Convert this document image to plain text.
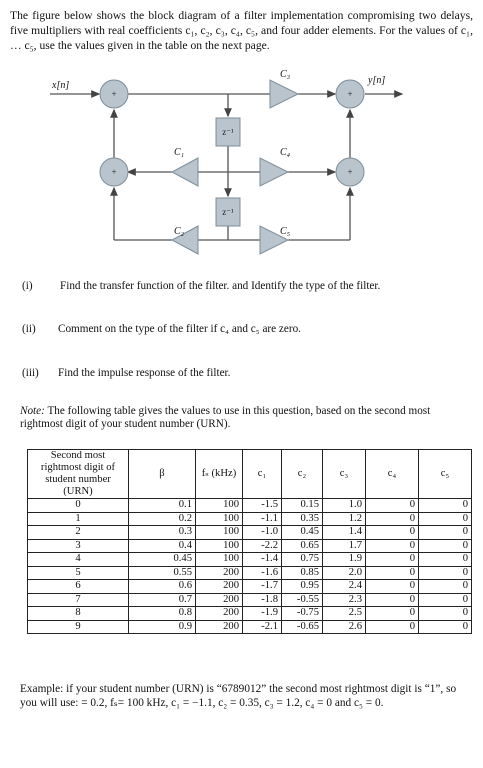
The figure below shows the block diagram of a filter implementation compromising two delays, five multipliers with real coefficients c₁, c₂, c₃, c₄, c₅, and four adder elements. For the values of c₁, … c₅, use the values given in the table on the next page.
+
+
+
+
z⁻¹
z⁻¹
x[n]	y[n]
C₃
C₁	C₄
C₂	C₅
(i) Find the transfer function of the filter. and Identify the type of the filter.
(ii) Comment on the type of the filter if c₄ and c₅ are zero.
(iii) Find the impulse response of the filter.
Note: The following table gives the values to use in this question, based on the second most rightmost digit of your student number (URN).
Second most rightmost digit of student number (URN)	β	fₛ (kHz)	c₁	c₂	c₃	c₄	c₅
0	0.1	100	-1.5	0.15	1.0	0	0
1	0.2	100	-1.1	0.35	1.2	0	0
2	0.3	100	-1.0	0.45	1.4	0	0
3	0.4	100	-2.2	0.65	1.7	0	0
4	0.45	100	-1.4	0.75	1.9	0	0
5	0.55	200	-1.6	0.85	2.0	0	0
6	0.6	200	-1.7	0.95	2.4	0	0
7	0.7	200	-1.8	-0.55	2.3	0	0
8	0.8	200	-1.9	-0.75	2.5	0	0
9	0.9	200	-2.1	-0.65	2.6	0	0
Example: if your student number (URN) is “6789012” the second most rightmost digit is “1”, so you will use: = 0.2, fₛ= 100 kHz, c₁ = −1.1, c₂ = 0.35, c₃ = 1.2, c₄ = 0 and c₅ = 0.
